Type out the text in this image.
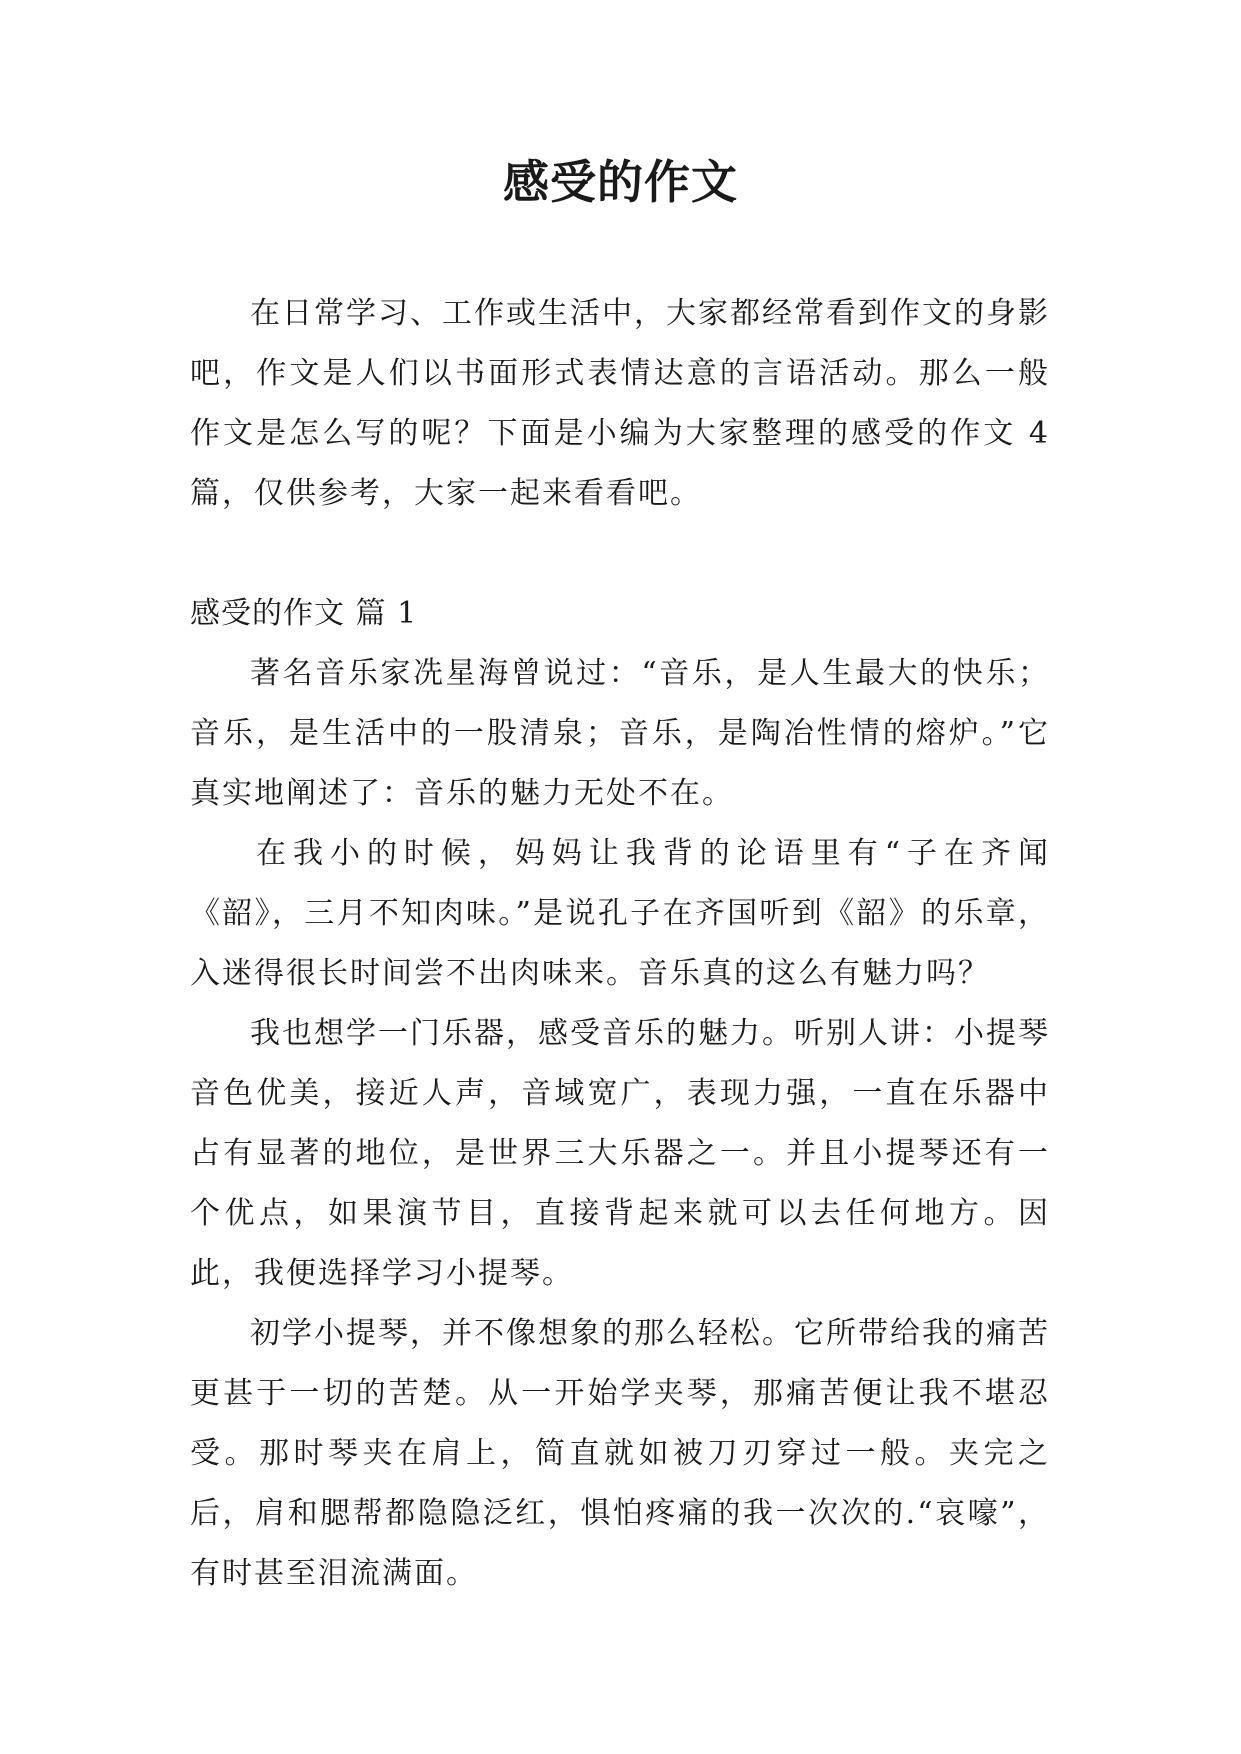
感受的作文

在日常学习、工作或生活中，大家都经常看到作文的身影吧，作文是人们以书面形式表情达意的言语活动。那么一般作文是怎么写的呢？下面是小编为大家整理的感受的作文 4 篇，仅供参考，大家一起来看看吧。

感受的作文 篇 1

著名音乐家冼星海曾说过：“音乐，是人生最大的快乐；音乐，是生活中的一股清泉；音乐，是陶冶性情的熔炉。”它真实地阐述了：音乐的魅力无处不在。

在我小的时候，妈妈让我背的论语里有“子在齐闻《韶》，三月不知肉味。”是说孔子在齐国听到《韶》的乐章，入迷得很长时间尝不出肉味来。音乐真的这么有魅力吗？

我也想学一门乐器，感受音乐的魅力。听别人讲：小提琴音色优美，接近人声，音域宽广，表现力强，一直在乐器中占有显著的地位，是世界三大乐器之一。并且小提琴还有一个优点，如果演节目，直接背起来就可以去任何地方。因此，我便选择学习小提琴。

初学小提琴，并不像想象的那么轻松。它所带给我的痛苦更甚于一切的苦楚。从一开始学夹琴，那痛苦便让我不堪忍受。那时琴夹在肩上，简直就如被刀刃穿过一般。夹完之后，肩和腮帮都隐隐泛红，惧怕疼痛的我一次次的.“哀嚎”，有时甚至泪流满面。
